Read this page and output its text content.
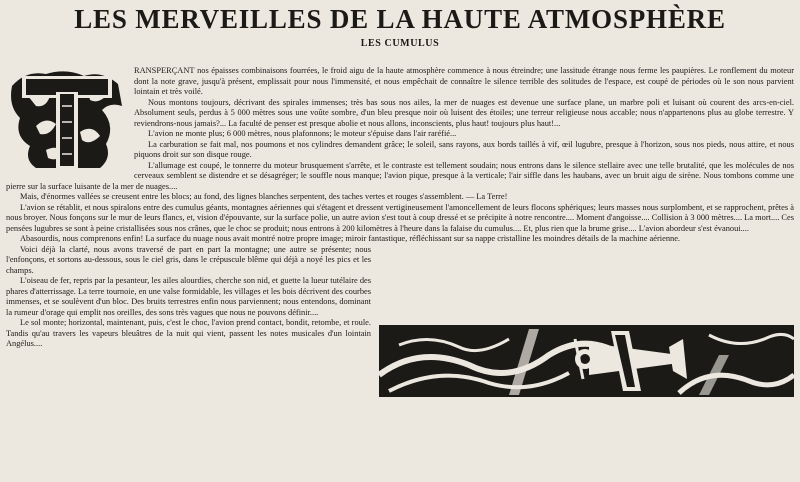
LES MERVEILLES DE LA HAUTE ATMOSPHÈRE
LES CUMULUS

RANSPERÇANT nos épaisses combinaisons fourrées, le froid aigu de la haute atmosphère commence à nous étreindre; une lassitude étrange nous ferme les paupières. Le ronflement du moteur dont la note grave, jusqu'à présent, emplissait pour nous l'immensité, et nous empêchait de connaître le silence terrible des solitudes de l'espace, est coupé de périodes où le son nous parvient lointain et très voilé.

Nous montons toujours, décrivant des spirales immenses; très bas sous nos ailes, la mer de nuages est devenue une surface plane, un marbre poli et luisant où courent des arcs-en-ciel. Absolument seuls, perdus à 5 000 mètres sous une voûte sombre, d'un bleu presque noir où luisent des étoiles; une terreur religieuse nous accable; nous n'appartenons plus au globe terrestre. Y reviendrons-nous jamais?... La faculté de penser est presque abolie et nous allons, inconscients, plus haut! toujours plus haut!...

L'avion ne monte plus; 6 000 mètres, nous plafonnons; le moteur s'épuise dans l'air raréfié...

La carburation se fait mal, nos poumons et nos cylindres demandent grâce; le soleil, sans rayons, aux bords taillés à vif, œil lugubre, presque à l'horizon, sous nos pieds, nous attire, et nous piquons droit sur son disque rouge.

L'allumage est coupé, le tonnerre du moteur brusquement s'arrête, et le contraste est tellement soudain; nous entrons dans le silence stellaire avec une telle brutalité, que les molécules de nos cerveaux semblent se distendre et se désagréger; le souffle nous manque; l'avion pique, presque à la verticale; l'air siffle dans les haubans, avec un bruit aigu de sirène. Nous tombons comme une pierre sur la surface luisante de la mer de nuages....

Mais, d'énormes vallées se creusent entre les blocs; au fond, des lignes blanches serpentent, des taches vertes et rouges s'assemblent. — La Terre!

L'avion se rétablit, et nous spiralons entre des cumulus géants, montagnes aériennes qui s'étagent et dressent vertigineusement l'amoncellement de leurs flocons sphériques; leurs masses nous surplombent, et se rapprochent, prêtes à nous broyer. Nous fonçons sur le mur de leurs flancs, et, vision d'épouvante, sur la surface polie, un autre avion s'est tout à coup dressé et se précipite à notre rencontre.... Moment d'angoisse.... Collision à 3 000 mètres.... La mort.... Ces pensées lugubres se sont à peine cristallisées sous nos crânes, que le choc se produit; nous entrons à 200 kilomètres à l'heure dans la falaise du cumulus.... Et, plus rien que la brume grise.... L'avion abordeur s'est évanoui....

Abasourdis, nous comprenons enfin! La surface du nuage nous avait montré notre propre image; miroir fantastique, réfléchissant sur sa nappe cristalline les moindres détails de la machine aérienne.

Voici déjà la clarté, nous avons traversé de part en part la montagne; une autre se présente; nous l'enfonçons, et sortons au-dessous, sous le ciel gris, dans le crépuscule blême qui déjà a noyé les pics et les champs.

L'oiseau de fer, repris par la pesanteur, les ailes alourdies, cherche son nid, et guette la lueur tutélaire des phares d'atterrissage. La terre tournoie, en une valse formidable, les villages et les bois décrivent des courbes immenses, et se soulèvent d'un bloc. Des bruits terrestres enfin nous parviennent; nous entendons, dominant la rumeur d'orage qui emplit nos oreilles, des sons très vagues que nous ne pouvons définir....

Le sol monte; horizontal, maintenant, puis, c'est le choc, l'avion prend contact, bondit, retombe, et roule. Tandis qu'au travers les vapeurs bleuâtres de la nuit qui vient, passent les notes musicales d'un lointain Angélus....
